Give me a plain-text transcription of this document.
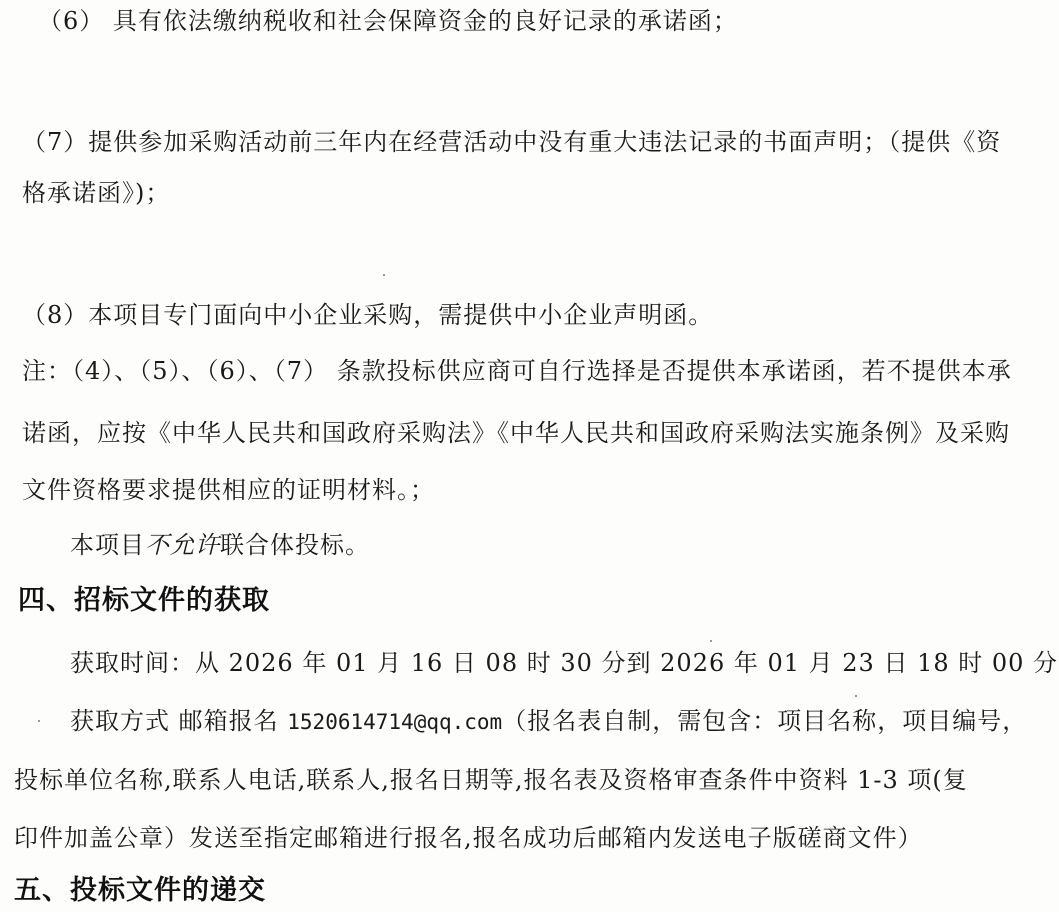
（6） 具有依法缴纳税收和社会保障资金的良好记录的承诺函；
（7）提供参加采购活动前三年内在经营活动中没有重大违法记录的书面声明；（提供《资
格承诺函》)；
（8）本项目专门面向中小企业采购，需提供中小企业声明函。
注：（4）、（5）、（6）、（7） 条款投标供应商可自行选择是否提供本承诺函，若不提供本承
诺函，应按《中华人民共和国政府采购法》《中华人民共和国政府采购法实施条例》及采购
文件资格要求提供相应的证明材料。；
本项目不允许联合体投标。
四、招标文件的获取
获取时间：从 2026 年 01 月 16 日 08 时 30 分到 2026 年 01 月 23 日 18 时 00 分
获取方式 邮箱报名 1520614714@qq.com（报名表自制，需包含：项目名称，项目编号，
投标单位名称,联系人电话,联系人,报名日期等,报名表及资格审查条件中资料 1-3 项(复
印件加盖公章）发送至指定邮箱进行报名,报名成功后邮箱内发送电子版磋商文件）
五、投标文件的递交
